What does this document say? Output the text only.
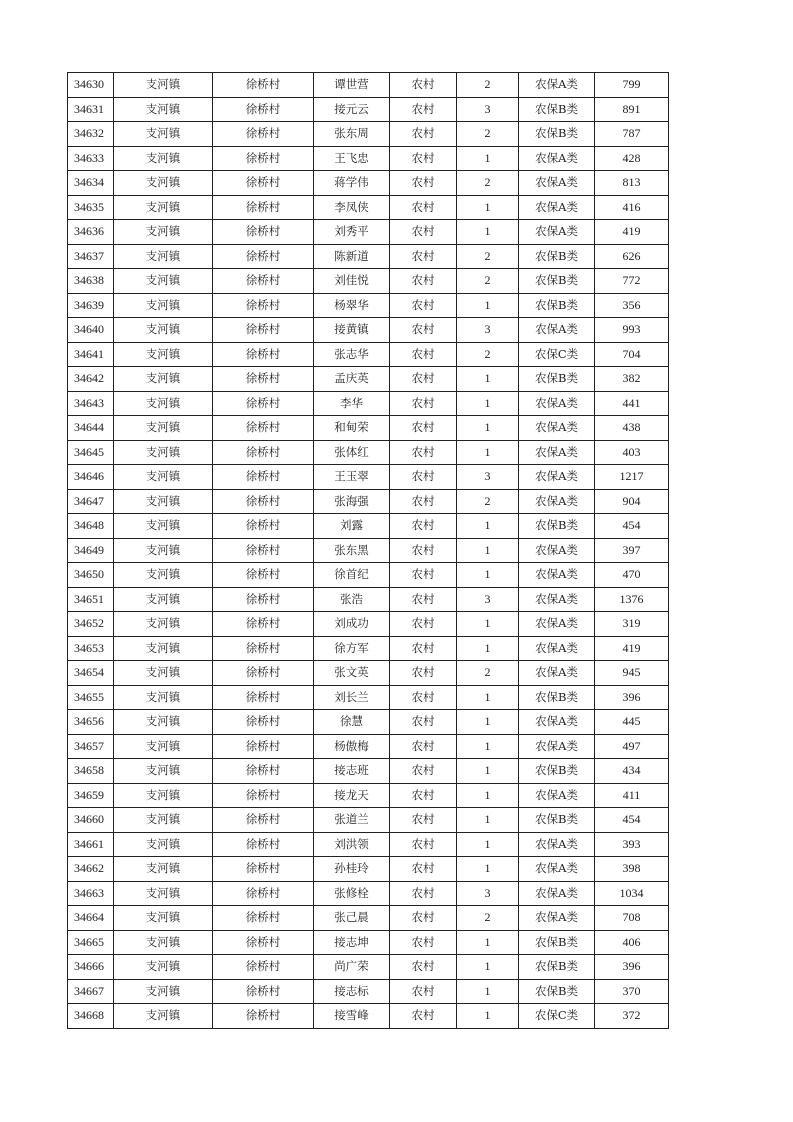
34630	支河镇	徐桥村	谭世营	农村	2	农保A类	799
34631	支河镇	徐桥村	接元云	农村	3	农保B类	891
34632	支河镇	徐桥村	张东周	农村	2	农保B类	787
34633	支河镇	徐桥村	王飞忠	农村	1	农保A类	428
34634	支河镇	徐桥村	蒋学伟	农村	2	农保A类	813
34635	支河镇	徐桥村	李凤侠	农村	1	农保A类	416
34636	支河镇	徐桥村	刘秀平	农村	1	农保A类	419
34637	支河镇	徐桥村	陈新道	农村	2	农保B类	626
34638	支河镇	徐桥村	刘佳悦	农村	2	农保B类	772
34639	支河镇	徐桥村	杨翠华	农村	1	农保B类	356
34640	支河镇	徐桥村	接黄镇	农村	3	农保A类	993
34641	支河镇	徐桥村	张志华	农村	2	农保C类	704
34642	支河镇	徐桥村	孟庆英	农村	1	农保B类	382
34643	支河镇	徐桥村	李华	农村	1	农保A类	441
34644	支河镇	徐桥村	和甸荣	农村	1	农保A类	438
34645	支河镇	徐桥村	张体红	农村	1	农保A类	403
34646	支河镇	徐桥村	王玉翠	农村	3	农保A类	1217
34647	支河镇	徐桥村	张海强	农村	2	农保A类	904
34648	支河镇	徐桥村	刘露	农村	1	农保B类	454
34649	支河镇	徐桥村	张东黑	农村	1	农保A类	397
34650	支河镇	徐桥村	徐首纪	农村	1	农保A类	470
34651	支河镇	徐桥村	张浩	农村	3	农保A类	1376
34652	支河镇	徐桥村	刘成功	农村	1	农保A类	319
34653	支河镇	徐桥村	徐方军	农村	1	农保A类	419
34654	支河镇	徐桥村	张文英	农村	2	农保A类	945
34655	支河镇	徐桥村	刘长兰	农村	1	农保B类	396
34656	支河镇	徐桥村	徐慧	农村	1	农保A类	445
34657	支河镇	徐桥村	杨傲梅	农村	1	农保A类	497
34658	支河镇	徐桥村	接志班	农村	1	农保B类	434
34659	支河镇	徐桥村	接龙天	农村	1	农保A类	411
34660	支河镇	徐桥村	张道兰	农村	1	农保B类	454
34661	支河镇	徐桥村	刘洪领	农村	1	农保A类	393
34662	支河镇	徐桥村	孙桂玲	农村	1	农保A类	398
34663	支河镇	徐桥村	张修栓	农村	3	农保A类	1034
34664	支河镇	徐桥村	张己晨	农村	2	农保A类	708
34665	支河镇	徐桥村	接志坤	农村	1	农保B类	406
34666	支河镇	徐桥村	尚广荣	农村	1	农保B类	396
34667	支河镇	徐桥村	接志标	农村	1	农保B类	370
34668	支河镇	徐桥村	接雪峰	农村	1	农保C类	372
